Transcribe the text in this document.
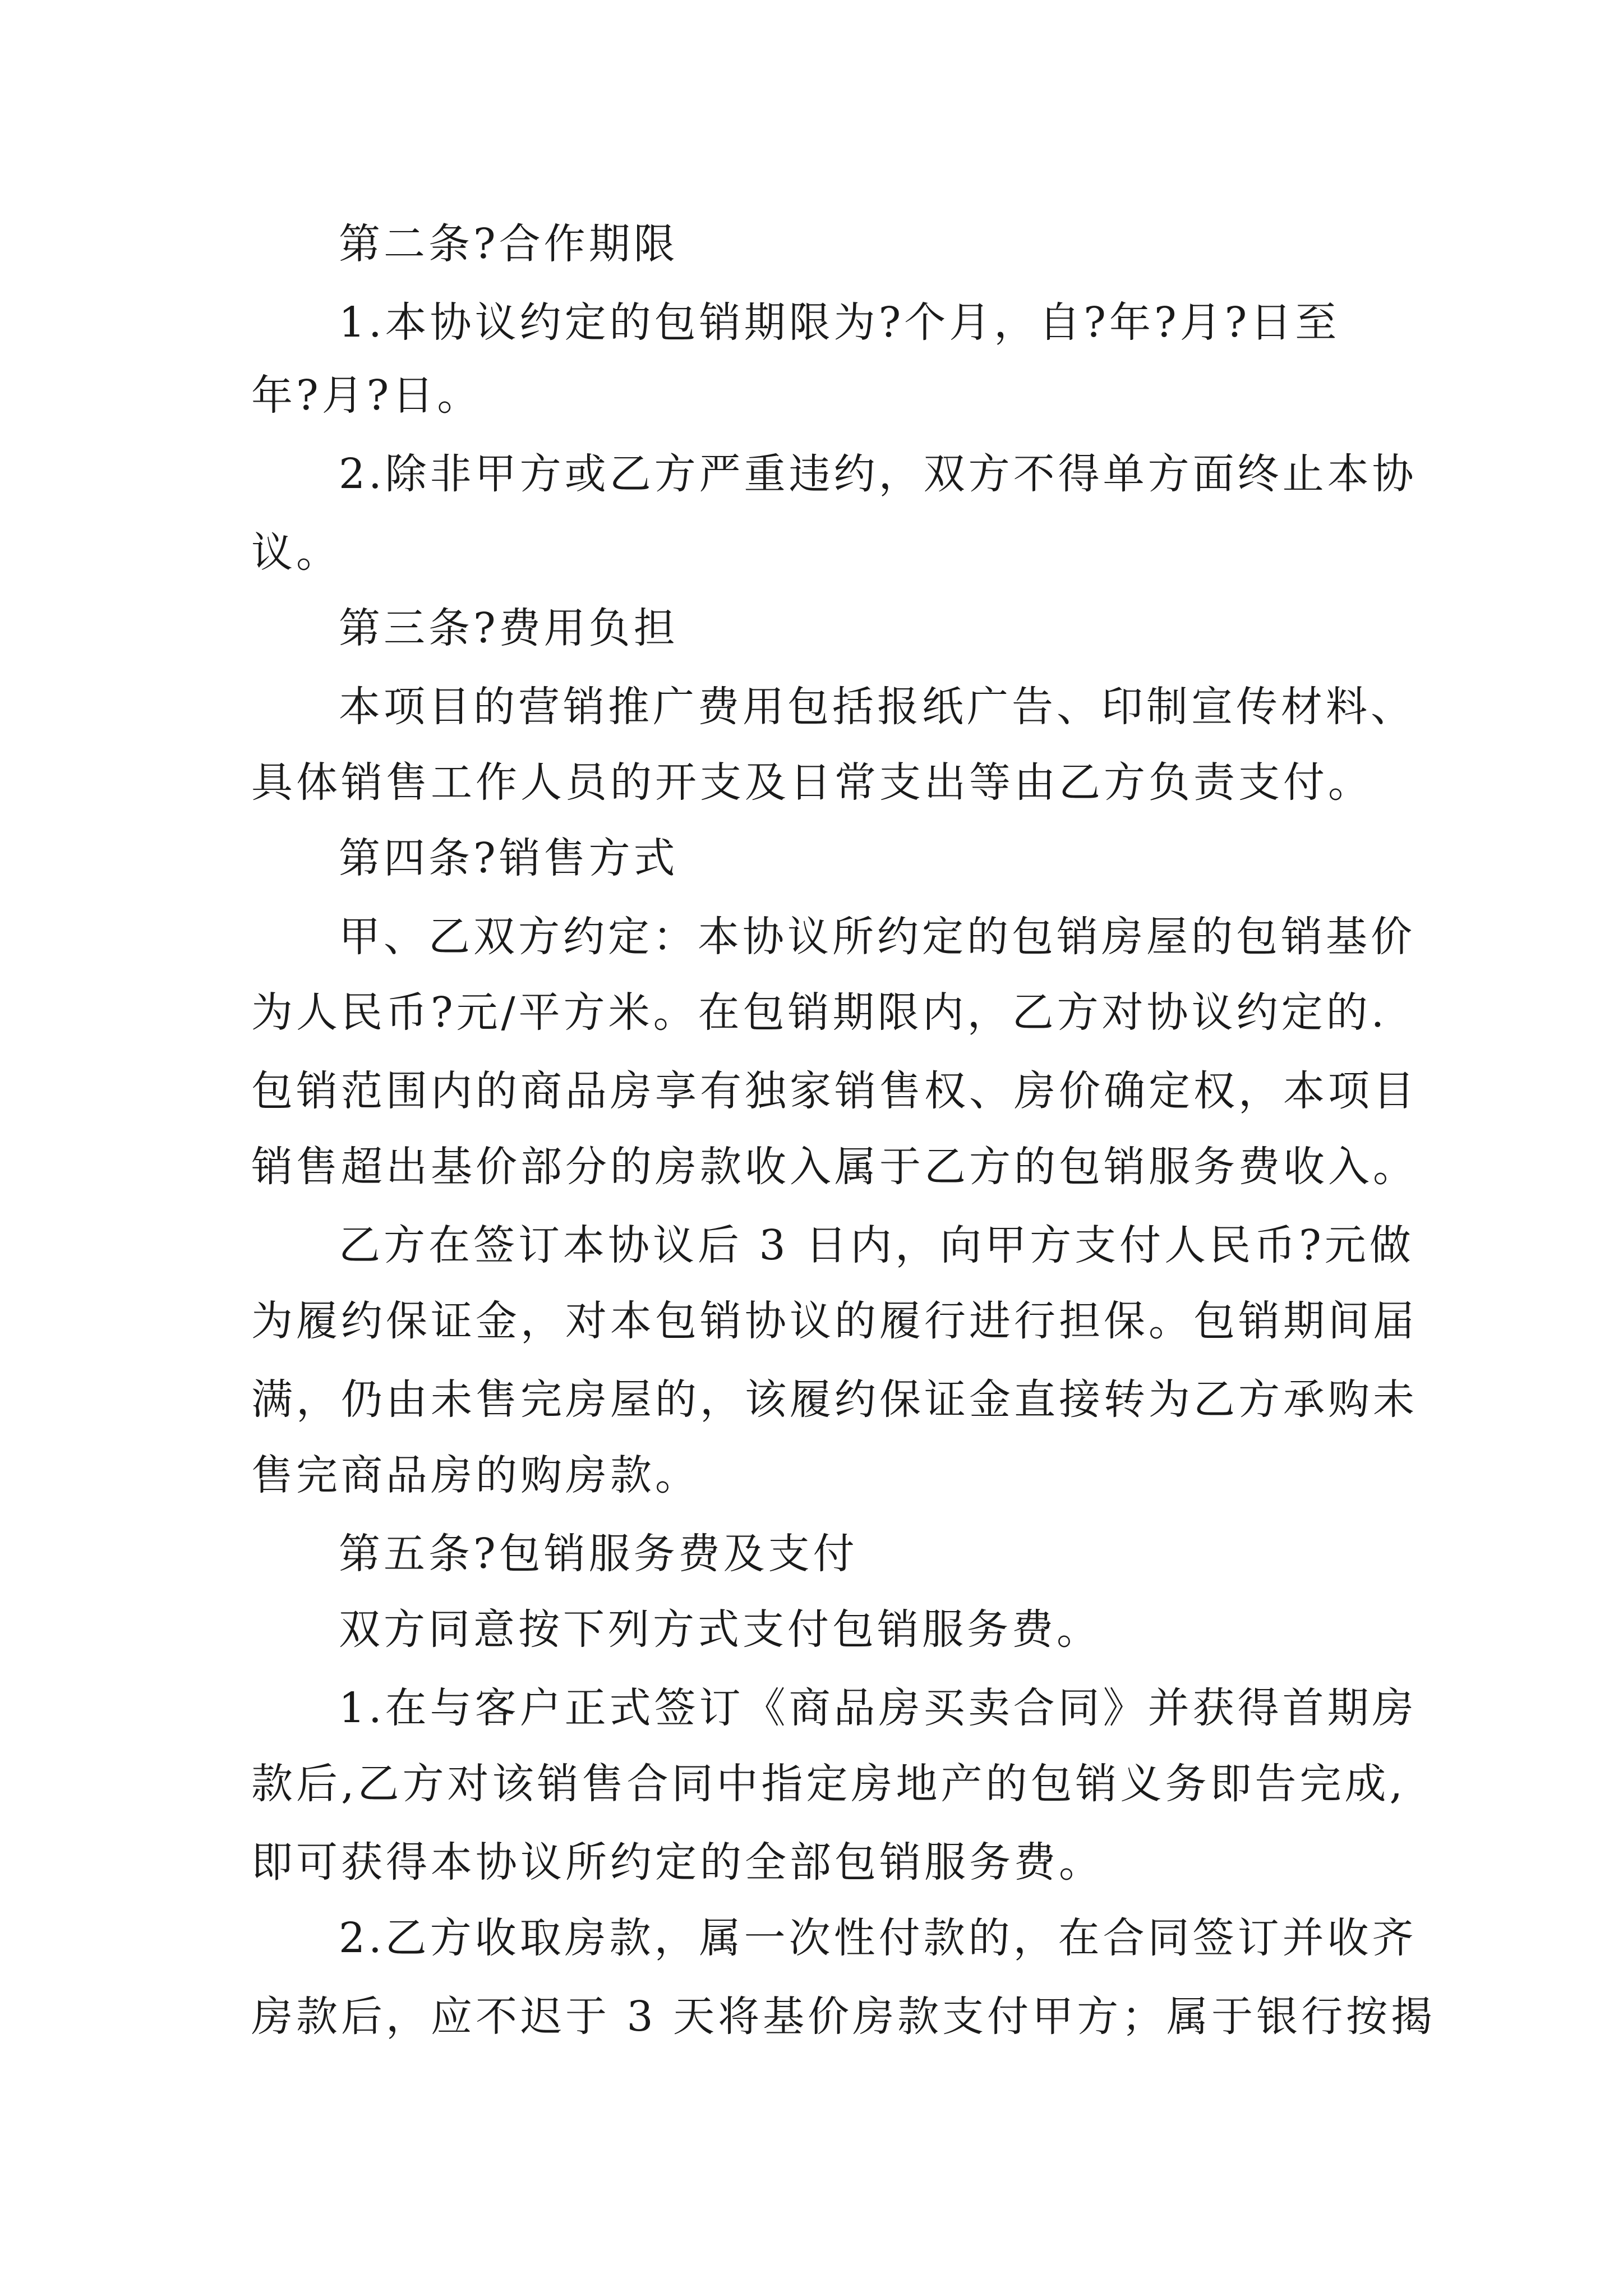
第二条?合作期限
1.本协议约定的包销期限为?个月，自?年?月?日至
年?月?日。
2.除非甲方或乙方严重违约，双方不得单方面终止本协
议。
第三条?费用负担
本项目的营销推广费用包括报纸广告、印制宣传材料、
具体销售工作人员的开支及日常支出等由乙方负责支付。
第四条?销售方式
甲、乙双方约定：本协议所约定的包销房屋的包销基价
为人民币?元/平方米。在包销期限内，乙方对协议约定的.
包销范围内的商品房享有独家销售权、房价确定权，本项目
销售超出基价部分的房款收入属于乙方的包销服务费收入。
乙方在签订本协议后 3 日内，向甲方支付人民币?元做
为履约保证金，对本包销协议的履行进行担保。包销期间届
满，仍由未售完房屋的，该履约保证金直接转为乙方承购未
售完商品房的购房款。
第五条?包销服务费及支付
双方同意按下列方式支付包销服务费。
1.在与客户正式签订《商品房买卖合同》并获得首期房
款后,乙方对该销售合同中指定房地产的包销义务即告完成,
即可获得本协议所约定的全部包销服务费。
2.乙方收取房款，属一次性付款的，在合同签订并收齐
房款后，应不迟于 3 天将基价房款支付甲方；属于银行按揭
